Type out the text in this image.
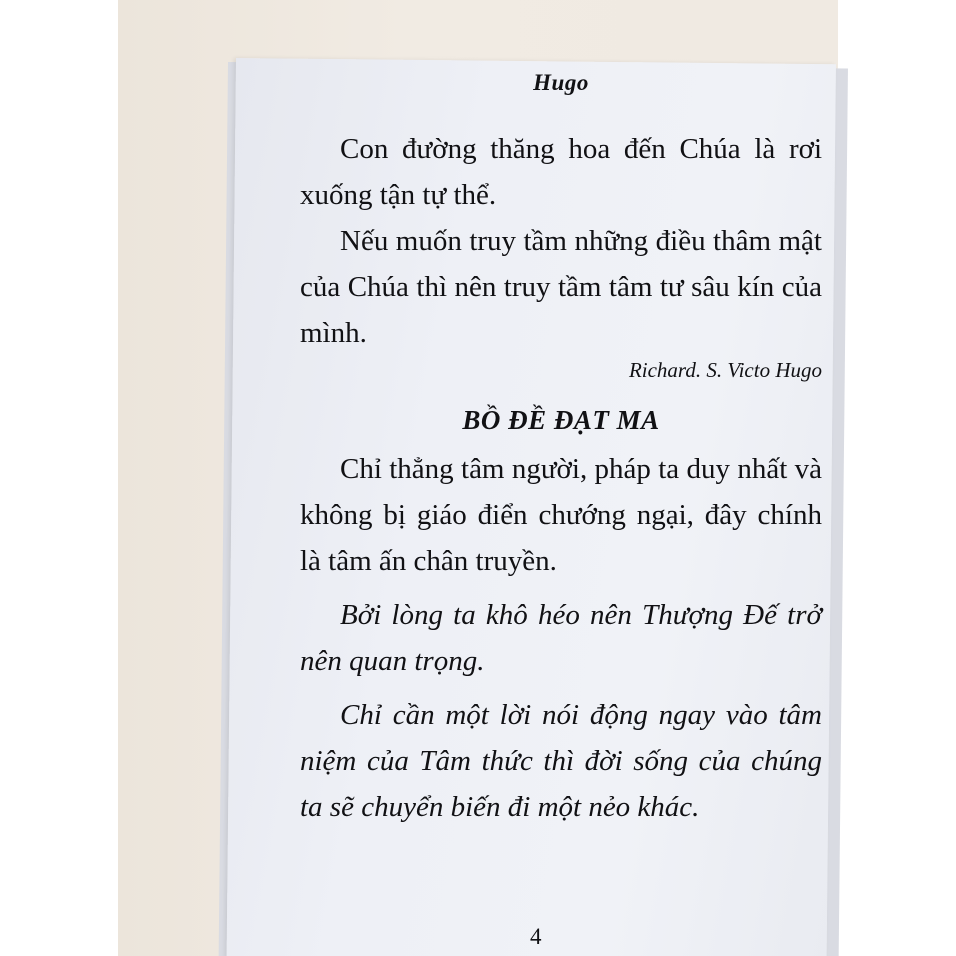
Hugo

Con đường thăng hoa đến Chúa là rơi xuống tận tự thể.

Nếu muốn truy tầm những điều thâm mật của Chúa thì nên truy tầm tâm tư sâu kín của mình.

Richard. S. Victo Hugo
BỒ ĐỀ ĐẠT MA

Chỉ thẳng tâm người, pháp ta duy nhất và không bị giáo điển chướng ngại, đây chính là tâm ấn chân truyền.

Bởi lòng ta khô héo nên Thượng Đế trở nên quan trọng.

Chỉ cần một lời nói động ngay vào tâm niệm của Tâm thức thì đời sống của chúng ta sẽ chuyển biến đi một nẻo khác.

4
